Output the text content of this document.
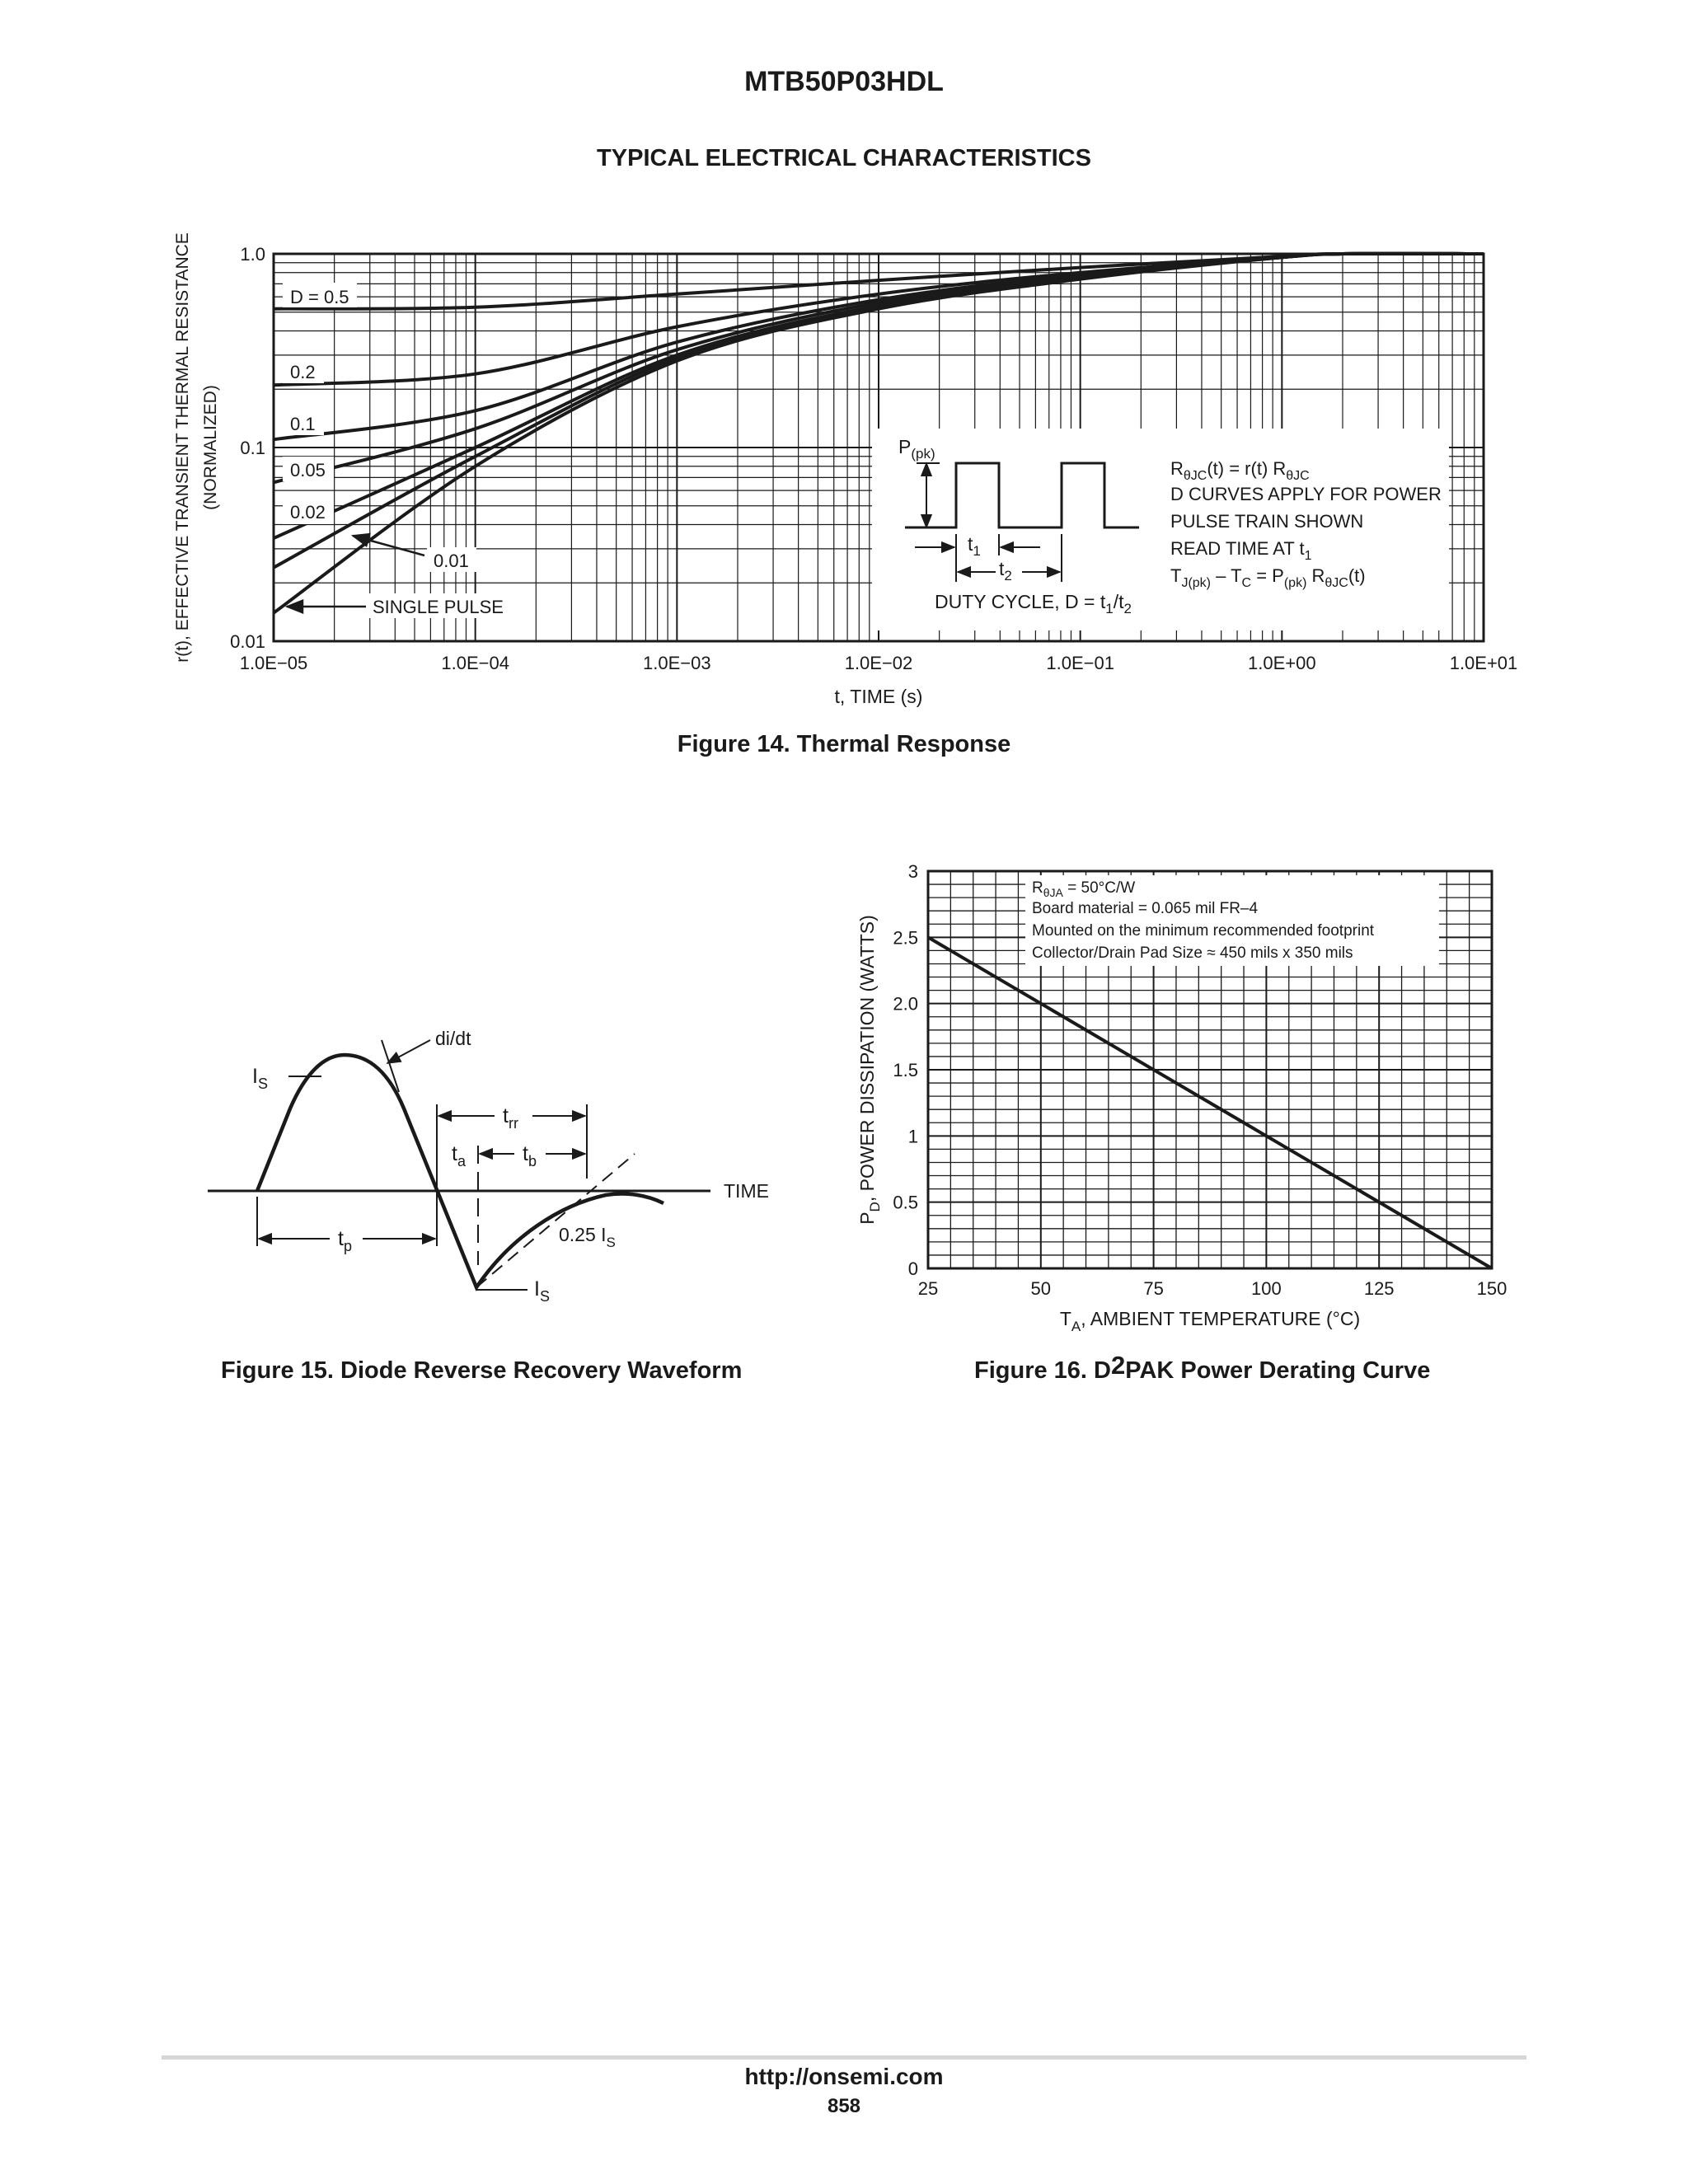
MTB50P03HDL
TYPICAL ELECTRICAL CHARACTERISTICS
1.0E−05	1.0E−04	1.0E−03	1.0E−02	1.0E−01	1.0E+00	1.0E+01
0.01
0.1
1.0
D = 0.5
0.2
0.1
0.05
0.02
0.01
SINGLE PULSE
t, TIME (s)
r(t), EFFECTIVE TRANSIENT THERMAL RESISTANCE (NORMALIZED)	$P_{(pk)}$
$t_1$
$t_2$
DUTY CYCLE, $D = t_1/t_2$
$R_{\theta JC}(t) = r(t)$ $R_{\theta JC}$
D CURVES APPLY FOR POWER
PULSE TRAIN SHOWN
READ TIME AT $t_1$
$T_{J(pk)} - T_C = P_{(pk)}$ $R_{\theta JC}(t)$
Figure 14. Thermal Response
di/dt
$I_S$
$t_{rr}$
$t_b$
$t_a$
TIME
$t_p$
0.25 $I_S$
$I_S$
Figure 15. Diode Reverse Recovery Waveform
25	50	75	100	125	150
0
0.5
1
1.5
2.0
2.5
3
$R_{\theta JA} = 50^\circ C/W$
Board material = 0.065 mil FR–4
Mounted on the minimum recommended footprint
Collector/Drain Pad Size ≈ 450 mils x 350 mils
$T_A$, AMBIENT TEMPERATURE (°C)
$P_D$, POWER DISSIPATION (WATTS)
Figure 16. D2PAK Power Derating Curve
http://onsemi.com
858
